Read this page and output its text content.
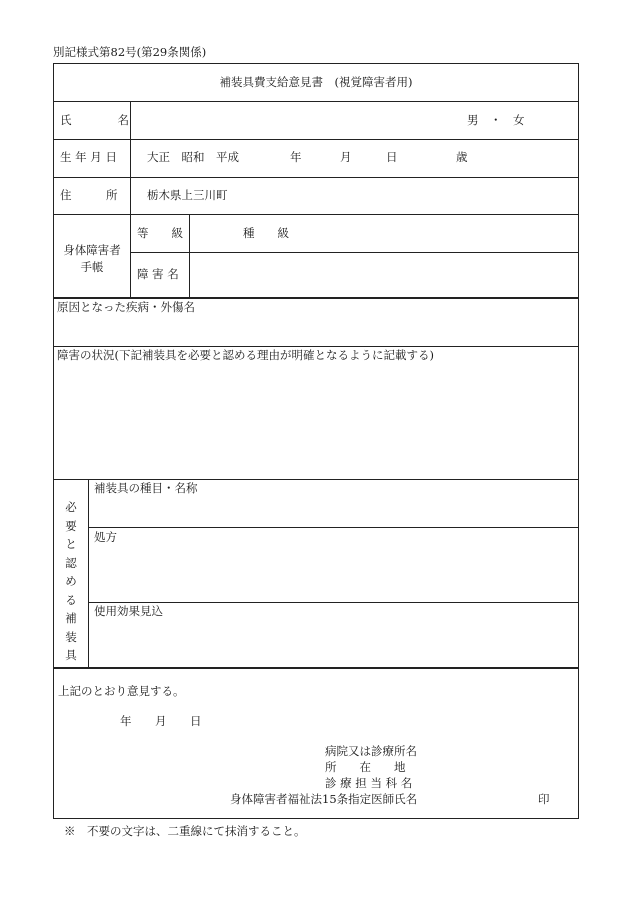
別記様式第82号(第29条関係)
補装具費支給意見書　(視覚障害者用)
氏　　　　名	男　・　女
生 年 月 日	大正　昭和　平成	年	月	日	歳
住　　　所	栃木県上三川町
身体障害者
手帳
等　　級	種　　級
障 害 名
原因となった疾病・外傷名
障害の状況(下記補装具を必要と認める理由が明確となるように記載する)
必
要
と
認
め
る
補
装
具
補装具の種目・名称
処方
使用効果見込
上記のとおり意見する。
年 月 日
病院又は診療所名
所　　在　　地
診 療 担 当 科 名
身体障害者福祉法15条指定医師氏名	印
※　不要の文字は、二重線にて抹消すること。
